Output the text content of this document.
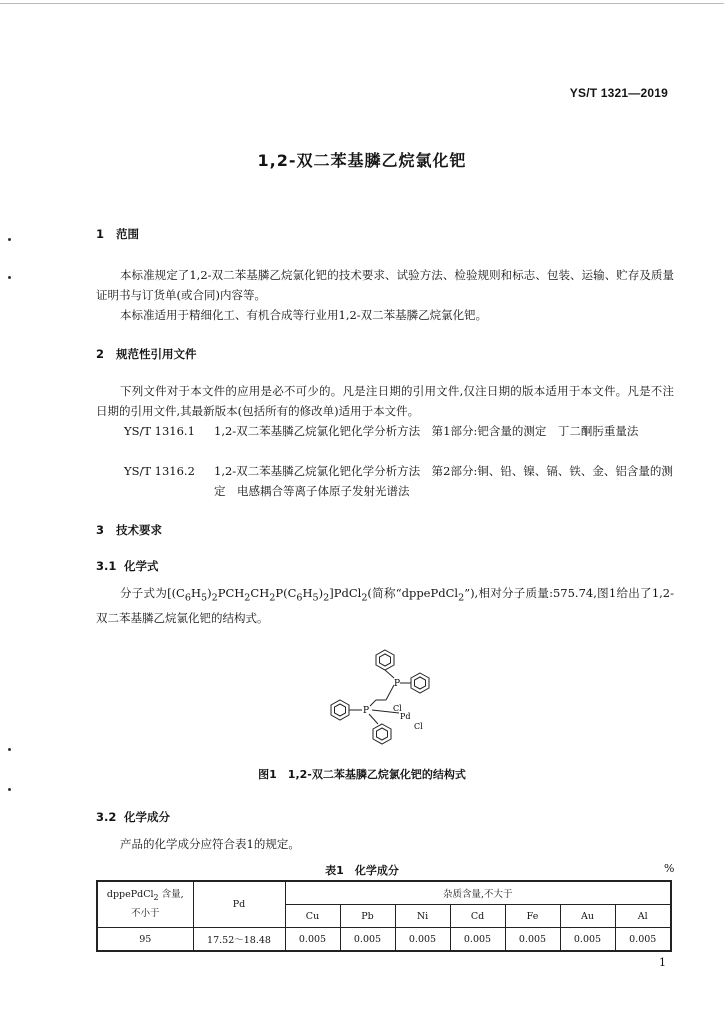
YS/T 1321—2019
1,2-双二苯基膦乙烷氯化钯
1 范围
本标准规定了1,2-双二苯基膦乙烷氯化钯的技术要求、试验方法、检验规则和标志、包装、运输、贮存及质量证明书与订货单(或合同)内容等。
本标准适用于精细化工、有机合成等行业用1,2-双二苯基膦乙烷氯化钯。
2 规范性引用文件
下列文件对于本文件的应用是必不可少的。凡是注日期的引用文件,仅注日期的版本适用于本文件。凡是不注日期的引用文件,其最新版本(包括所有的修改单)适用于本文件。
YS/T 1316.1 1,2-双二苯基膦乙烷氯化钯化学分析方法　第1部分:钯含量的测定　丁二酮肟重量法
YS/T 1316.2 1,2-双二苯基膦乙烷氯化钯化学分析方法　第2部分:铜、铅、镍、镉、铁、金、铝含量的测定　电感耦合等离子体原子发射光谱法
3 技术要求
3.1 化学式
分子式为$[(C_6H_5)_2PCH_2CH_2P(C_6H_5)_2]PdCl_2$(简称“dppePdCl$_2$”),相对分子质量:575.74,图1给出了1,2-双二苯基膦乙烷氯化钯的结构式。
P
P	Cl
Pd
Cl
图1　1,2-双二苯基膦乙烷氯化钯的结构式
3.2 化学成分
产品的化学成分应符合表1的规定。
表1　化学成分	%
dppePdCl$_2$ 含量,
不小于	Pd	杂质含量,不大于						
		Cu	Pb	Ni	Cd	Fe	Au	Al
95	17.52～18.48	0.005	0.005	0.005	0.005	0.005	0.005	0.005
1
